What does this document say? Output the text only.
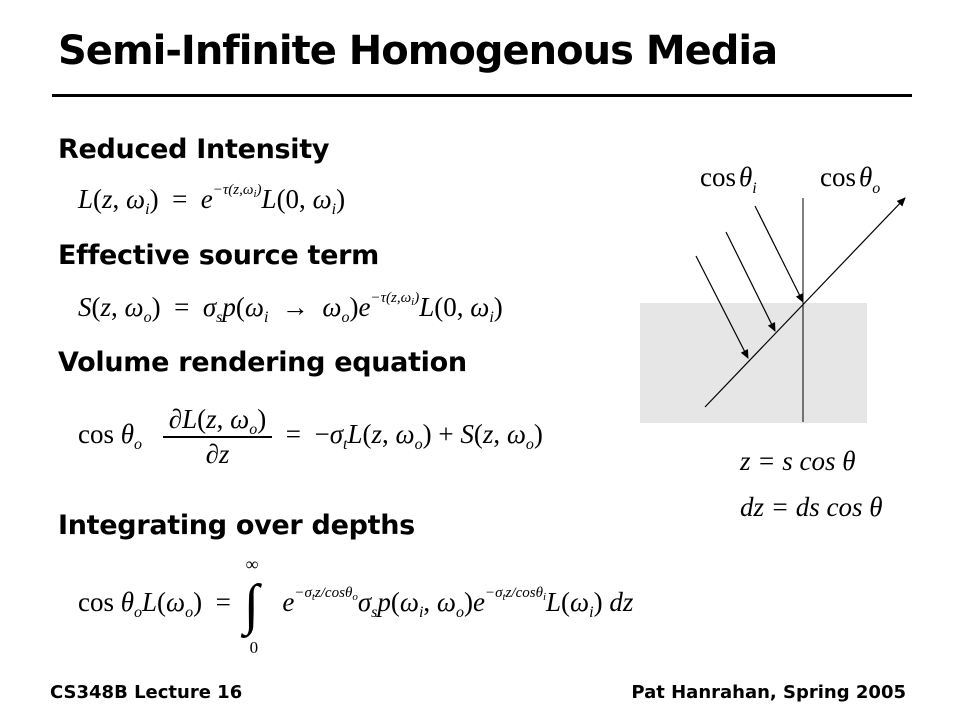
Semi-Infinite Homogenous Media
Reduced Intensity
L(z, $\omega_i) = e^{-\tau(z,\omega_i)}L(0$, $\omega_i$)
Effective source term
S(z, $\omega_o) = \sigma_sp(\omega_i \to \omega_o)e^{-\tau(z,\omega_i)}L(0$, $\omega_i$)
Volume rendering equation
$\cos \theta_o \frac{\partial L(z, \omega_o)}{\partial z} = -\sigma_tL(z$, $\omega_o) + S(z$, $\omega_o$)
Integrating over depths
$\cos \theta_oL(\omega_o)$  = ∫
∞
0
$e^{-\sigma_tz/cos\theta_o}\sigma_sp(\omega_i$, $\omega_o)e^{-\sigma_tz/cos\theta_i}L(\omega_i)$ dz
$\cos \theta_i$ $\cos \theta_o$
z = s cos θ
dz = ds cos θ
CS348B Lecture 16	Pat Hanrahan, Spring 2005
